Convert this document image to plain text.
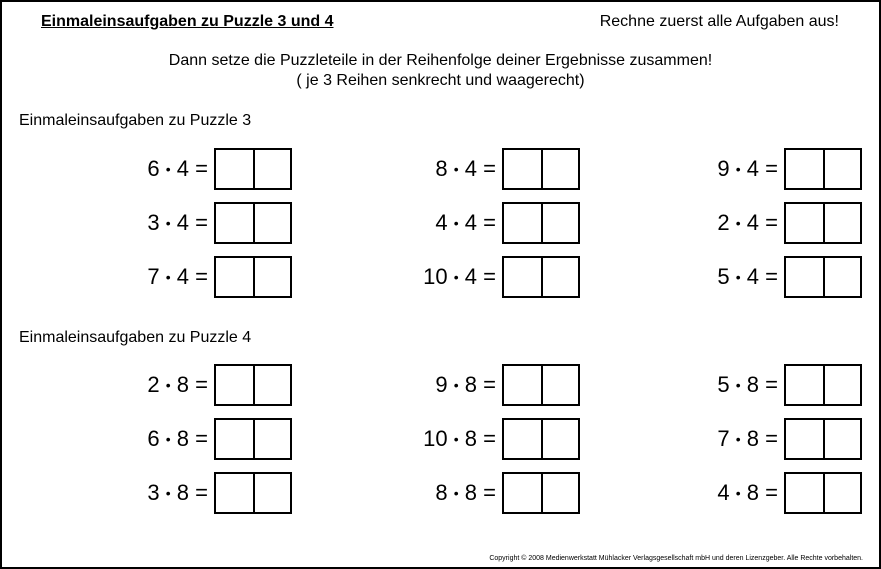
Einmaleinsaufgaben zu Puzzle 3 und 4	Rechne zuerst alle Aufgaben aus!
Dann setze die Puzzleteile in der Reihenfolge deiner Ergebnisse zusammen!
( je 3 Reihen senkrecht und waagerecht)
Einmaleinsaufgaben zu Puzzle 3
Einmaleinsaufgaben zu Puzzle 4
6 • 4 =	8 • 4 =	9 • 4 =
3 • 4 =	4 • 4 =	2 • 4 =
7 • 4 =	10 • 4 =	5 • 4 =
2 • 8 =	9 • 8 =	5 • 8 =
6 • 8 =	10 • 8 =	7 • 8 =
3 • 8 =	8 • 8 =	4 • 8 =
Copyright © 2008 Medienwerkstatt Mühlacker Verlagsgesellschaft mbH und deren Lizenzgeber. Alle Rechte vorbehalten.
